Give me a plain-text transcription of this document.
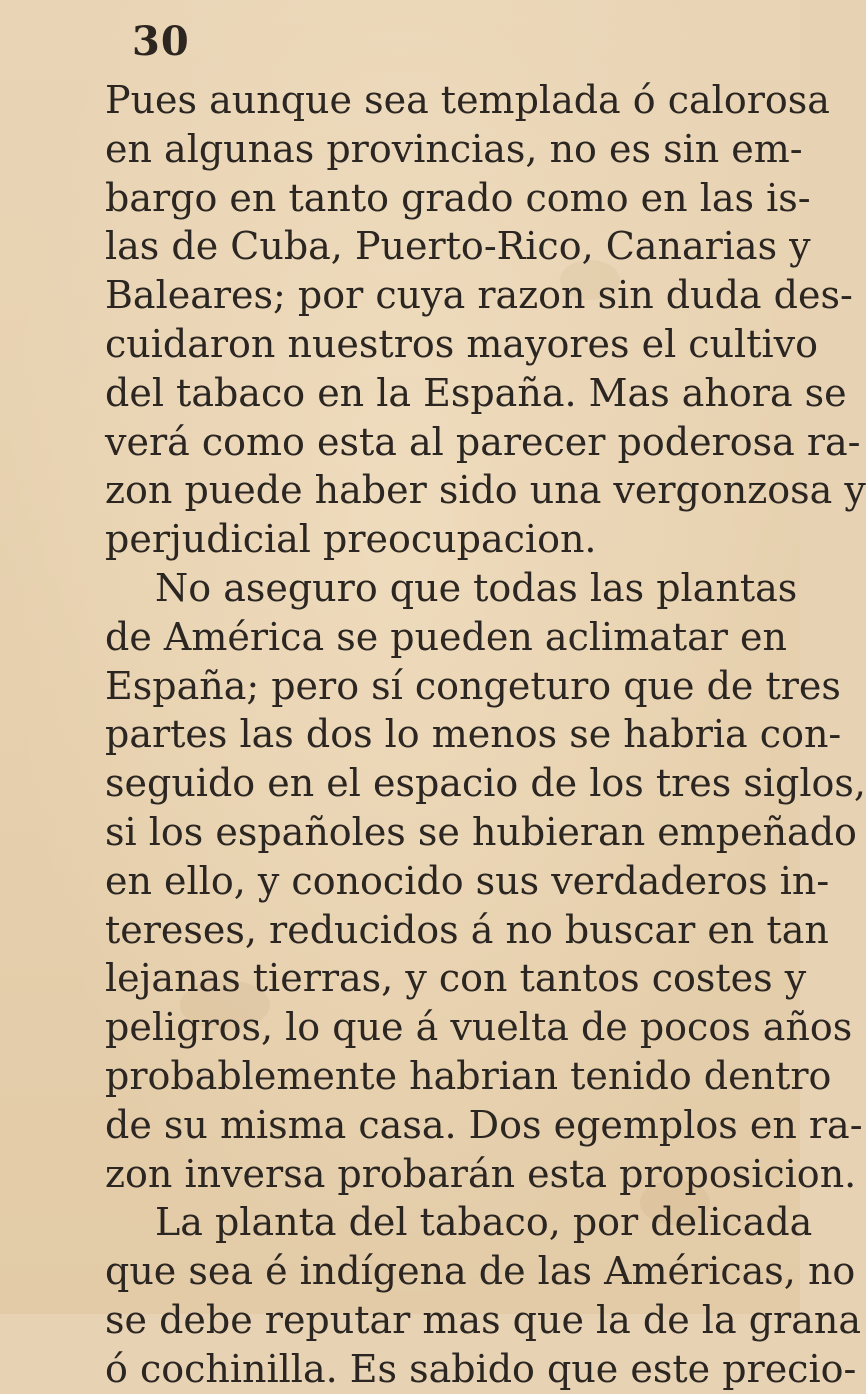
30
Pues aunque sea templada ó calorosa
en algunas provincias, no es sin em-
bargo en tanto grado como en las is-
las de Cuba, Puerto-Rico, Canarias y
Baleares; por cuya razon sin duda des-
cuidaron nuestros mayores el cultivo
del tabaco en la España. Mas ahora se
verá como esta al parecer poderosa ra-
zon puede haber sido una vergonzosa y
perjudicial preocupacion.
No aseguro que todas las plantas
de América se pueden aclimatar en
España; pero sí congeturo que de tres
partes las dos lo menos se habria con-
seguido en el espacio de los tres siglos,
si los españoles se hubieran empeñado
en ello, y conocido sus verdaderos in-
tereses, reducidos á no buscar en tan
lejanas tierras, y con tantos costes y
peligros, lo que á vuelta de pocos años
probablemente habrian tenido dentro
de su misma casa. Dos egemplos en ra-
zon inversa probarán esta proposicion.
La planta del tabaco, por delicada
que sea é indígena de las Américas, no
se debe reputar mas que la de la grana
ó cochinilla. Es sabido que este precio-
